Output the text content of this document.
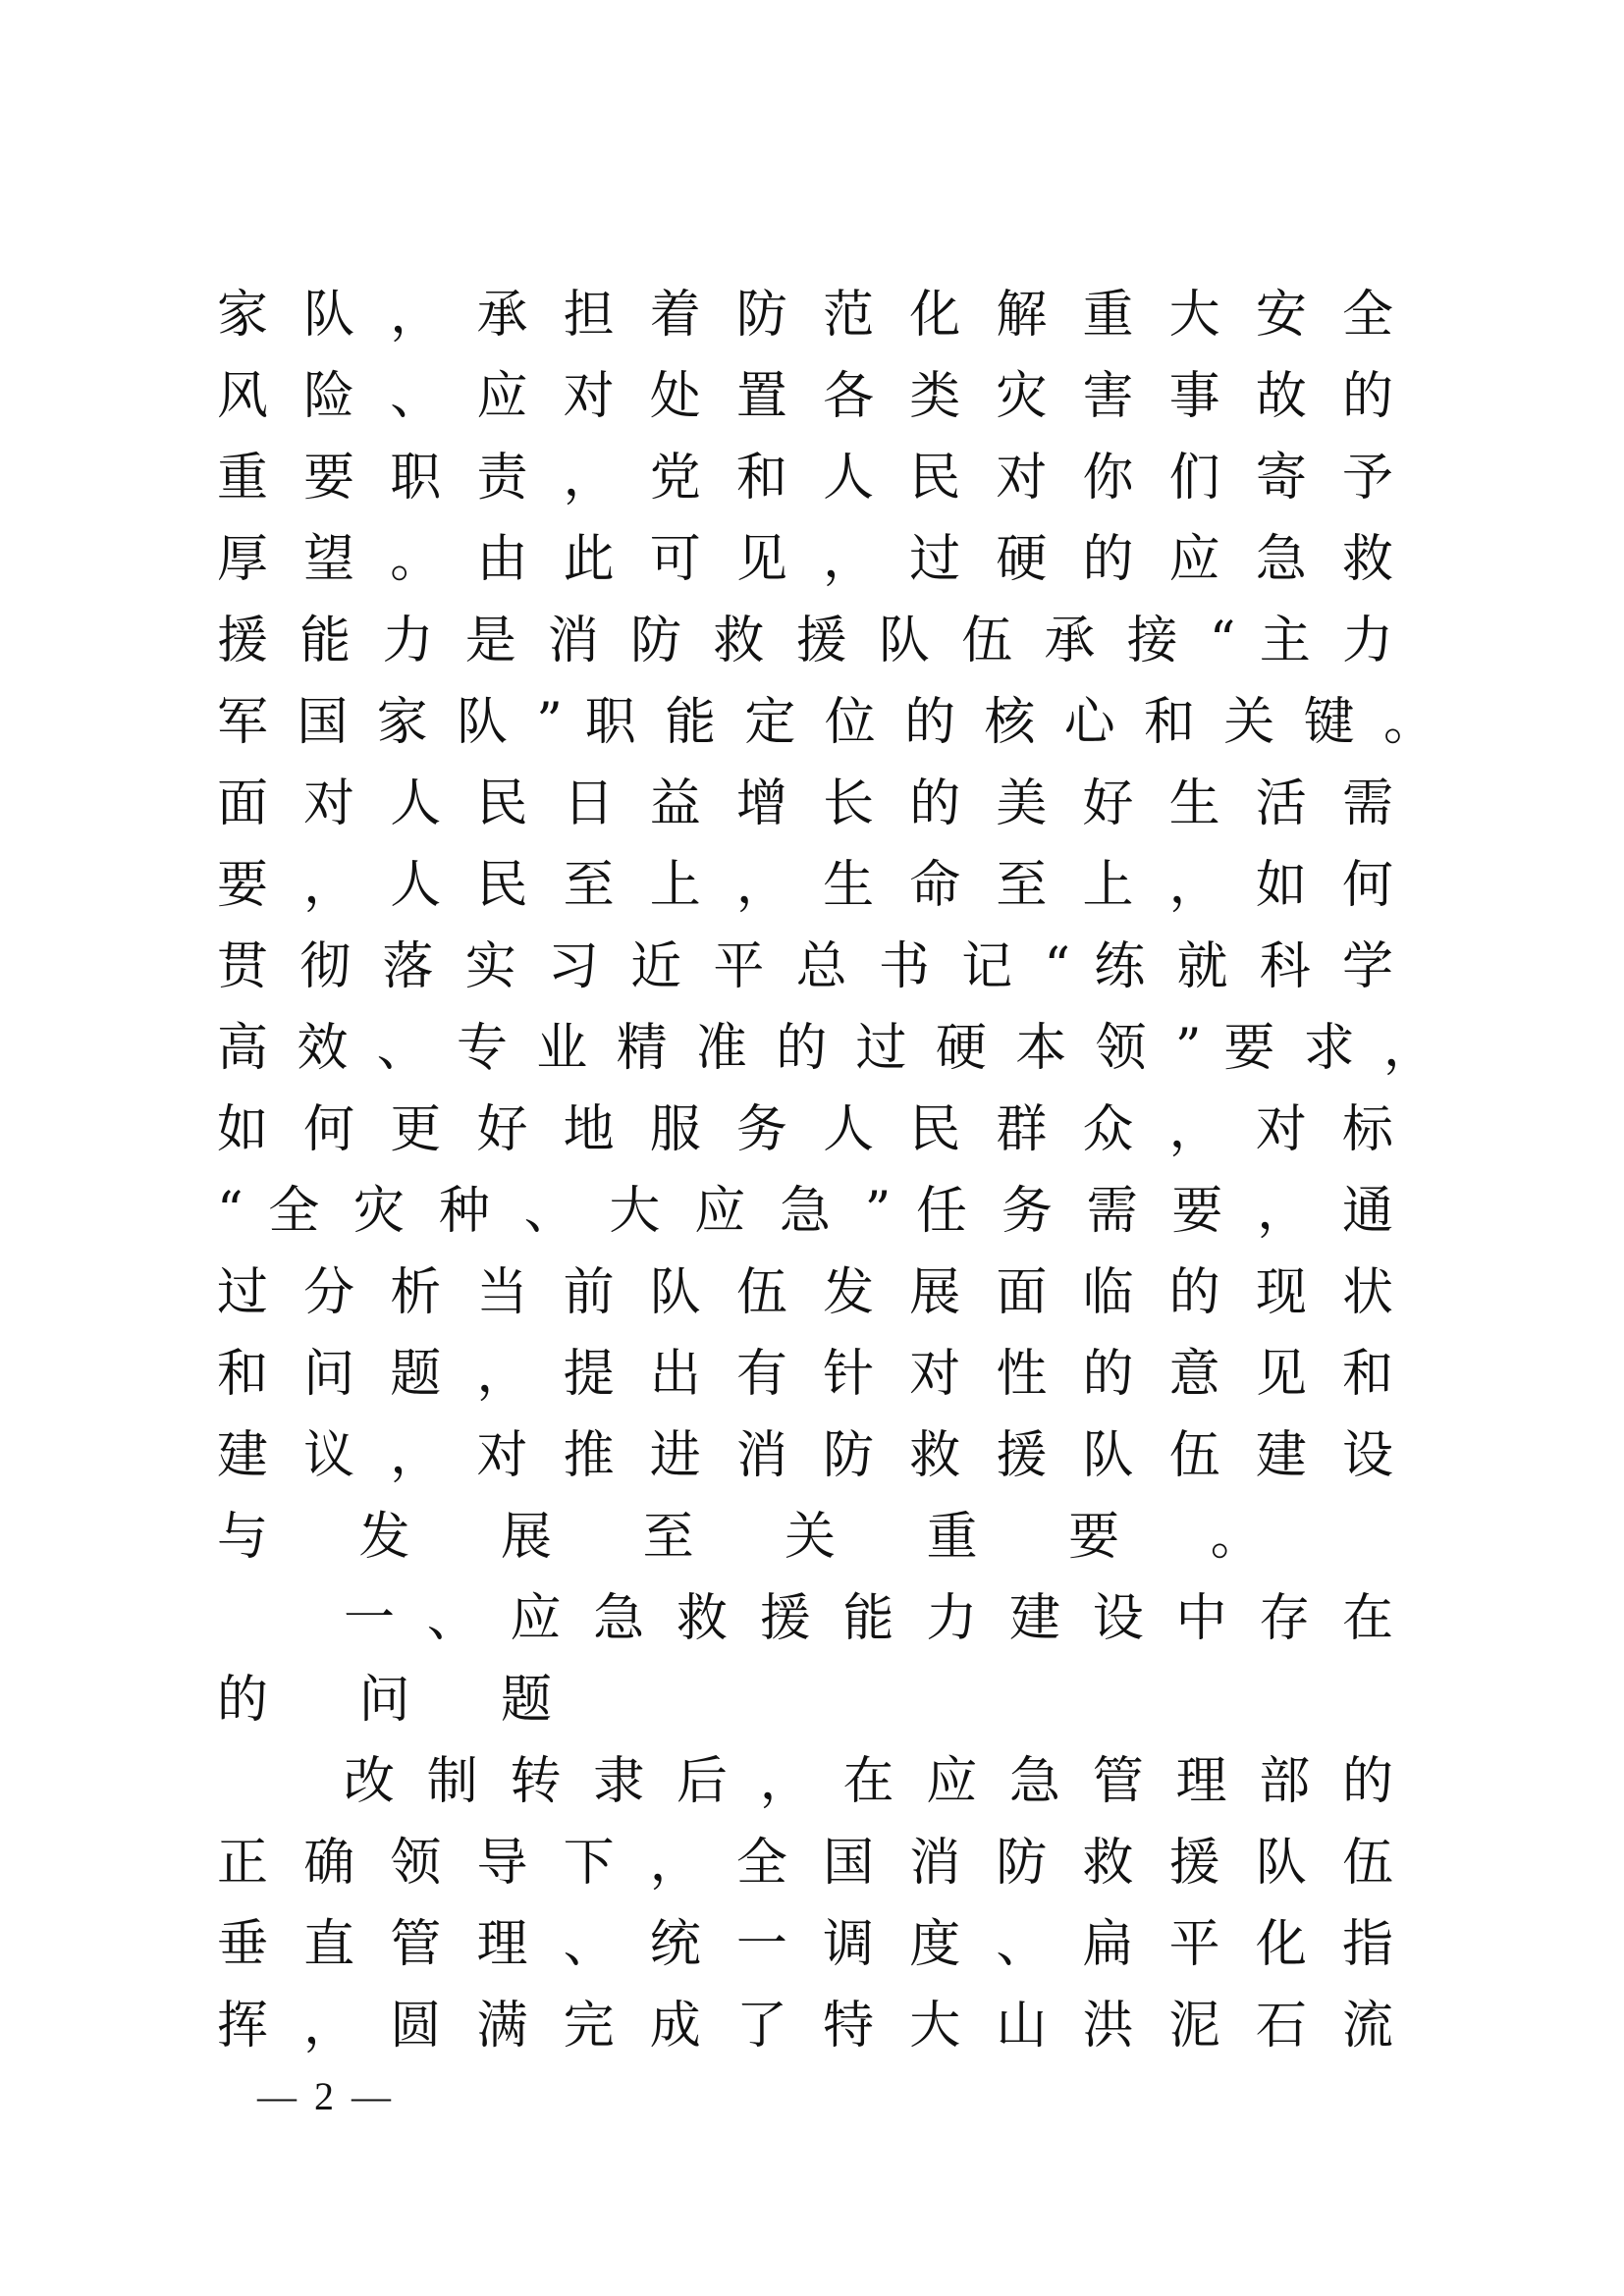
家 队 ， 承 担 着 防 范 化 解 重 大 安 全
风 险 、 应 对 处 置 各 类 灾 害 事 故 的
重 要 职 责 ， 党 和 人 民 对 你 们 寄 予
厚 望 。 由 此 可 见 ， 过 硬 的 应 急 救
援 能 力 是 消 防 救 援 队 伍 承 接 “ 主 力
军 国 家 队 ” 职 能 定 位 的 核 心 和 关 键 。
面 对 人 民 日 益 增 长 的 美 好 生 活 需
要 ， 人 民 至 上 ， 生 命 至 上 ， 如 何
贯 彻 落 实 习 近 平 总 书 记 “ 练 就 科 学
高 效 、 专 业 精 准 的 过 硬 本 领 ” 要 求 ，
如 何 更 好 地 服 务 人 民 群 众 ， 对 标
“ 全 灾 种 、 大 应 急 ” 任 务 需 要 ， 通
过 分 析 当 前 队 伍 发 展 面 临 的 现 状
和 问 题 ， 提 出 有 针 对 性 的 意 见 和
建 议 ， 对 推 进 消 防 救 援 队 伍 建 设
与 发 展 至 关 重 要 。
一 、 应 急 救 援 能 力 建 设 中 存 在
的 问 题
改 制 转 隶 后 ， 在 应 急 管 理 部 的
正 确 领 导 下 ， 全 国 消 防 救 援 队 伍
垂 直 管 理 、 统 一 调 度 、 扁 平 化 指
挥 ， 圆 满 完 成 了 特 大 山 洪 泥 石 流
— 2 —
